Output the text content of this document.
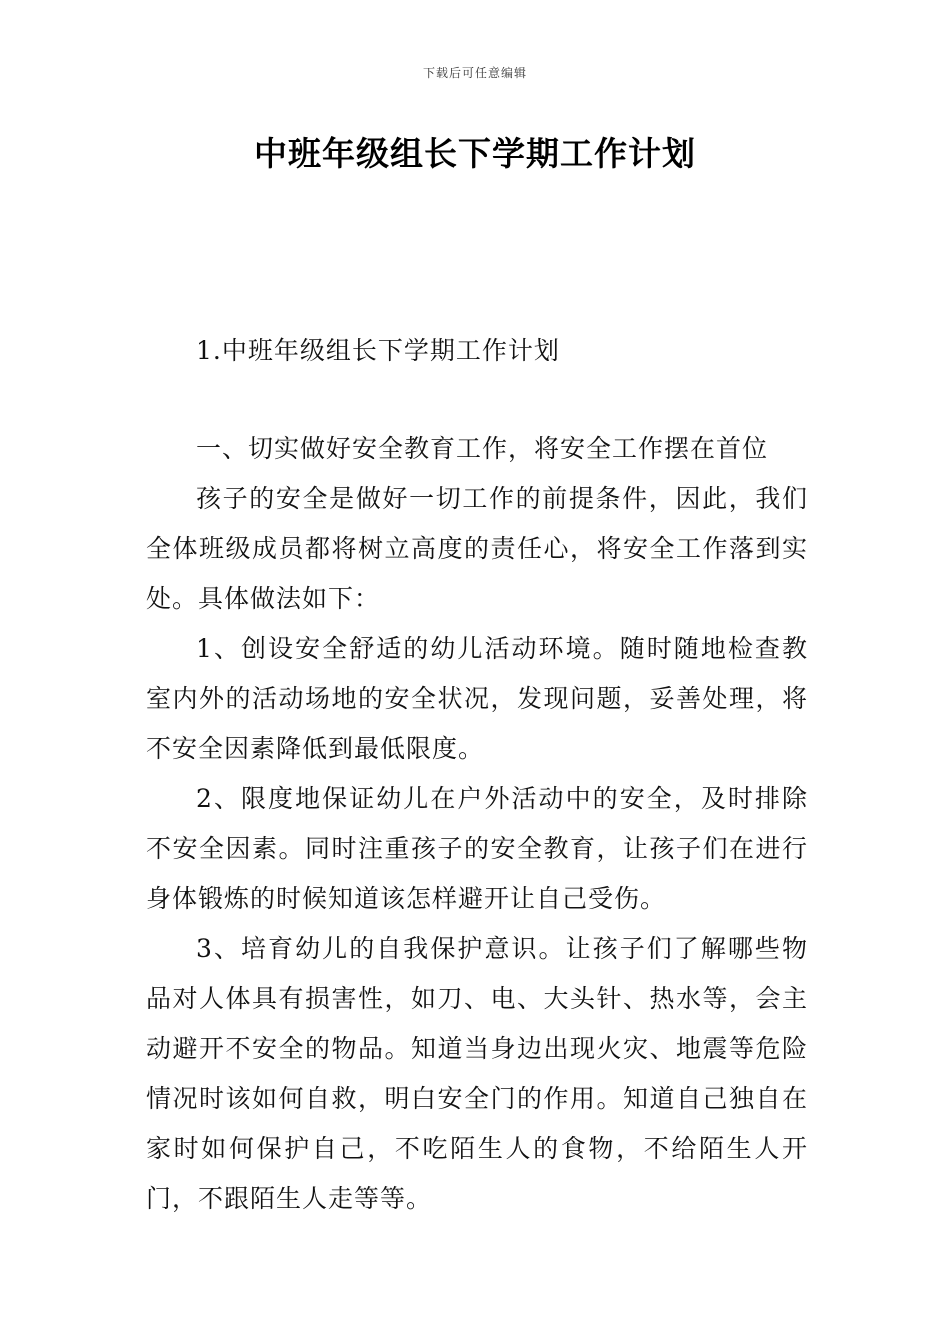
下载后可任意编辑
中班年级组长下学期工作计划

1.中班年级组长下学期工作计划

一、切实做好安全教育工作，将安全工作摆在首位

孩子的安全是做好一切工作的前提条件，因此，我们全体班级成员都将树立高度的责任心，将安全工作落到实处。具体做法如下：

1、创设安全舒适的幼儿活动环境。随时随地检查教室内外的活动场地的安全状况，发现问题，妥善处理，将不安全因素降低到最低限度。

2、限度地保证幼儿在户外活动中的安全，及时排除不安全因素。同时注重孩子的安全教育，让孩子们在进行身体锻炼的时候知道该怎样避开让自己受伤。

3、培育幼儿的自我保护意识。让孩子们了解哪些物品对人体具有损害性，如刀、电、大头针、热水等，会主动避开不安全的物品。知道当身边出现火灾、地震等危险情况时该如何自救，明白安全门的作用。知道自己独自在家时如何保护自己，不吃陌生人的食物，不给陌生人开门，不跟陌生人走等等。
